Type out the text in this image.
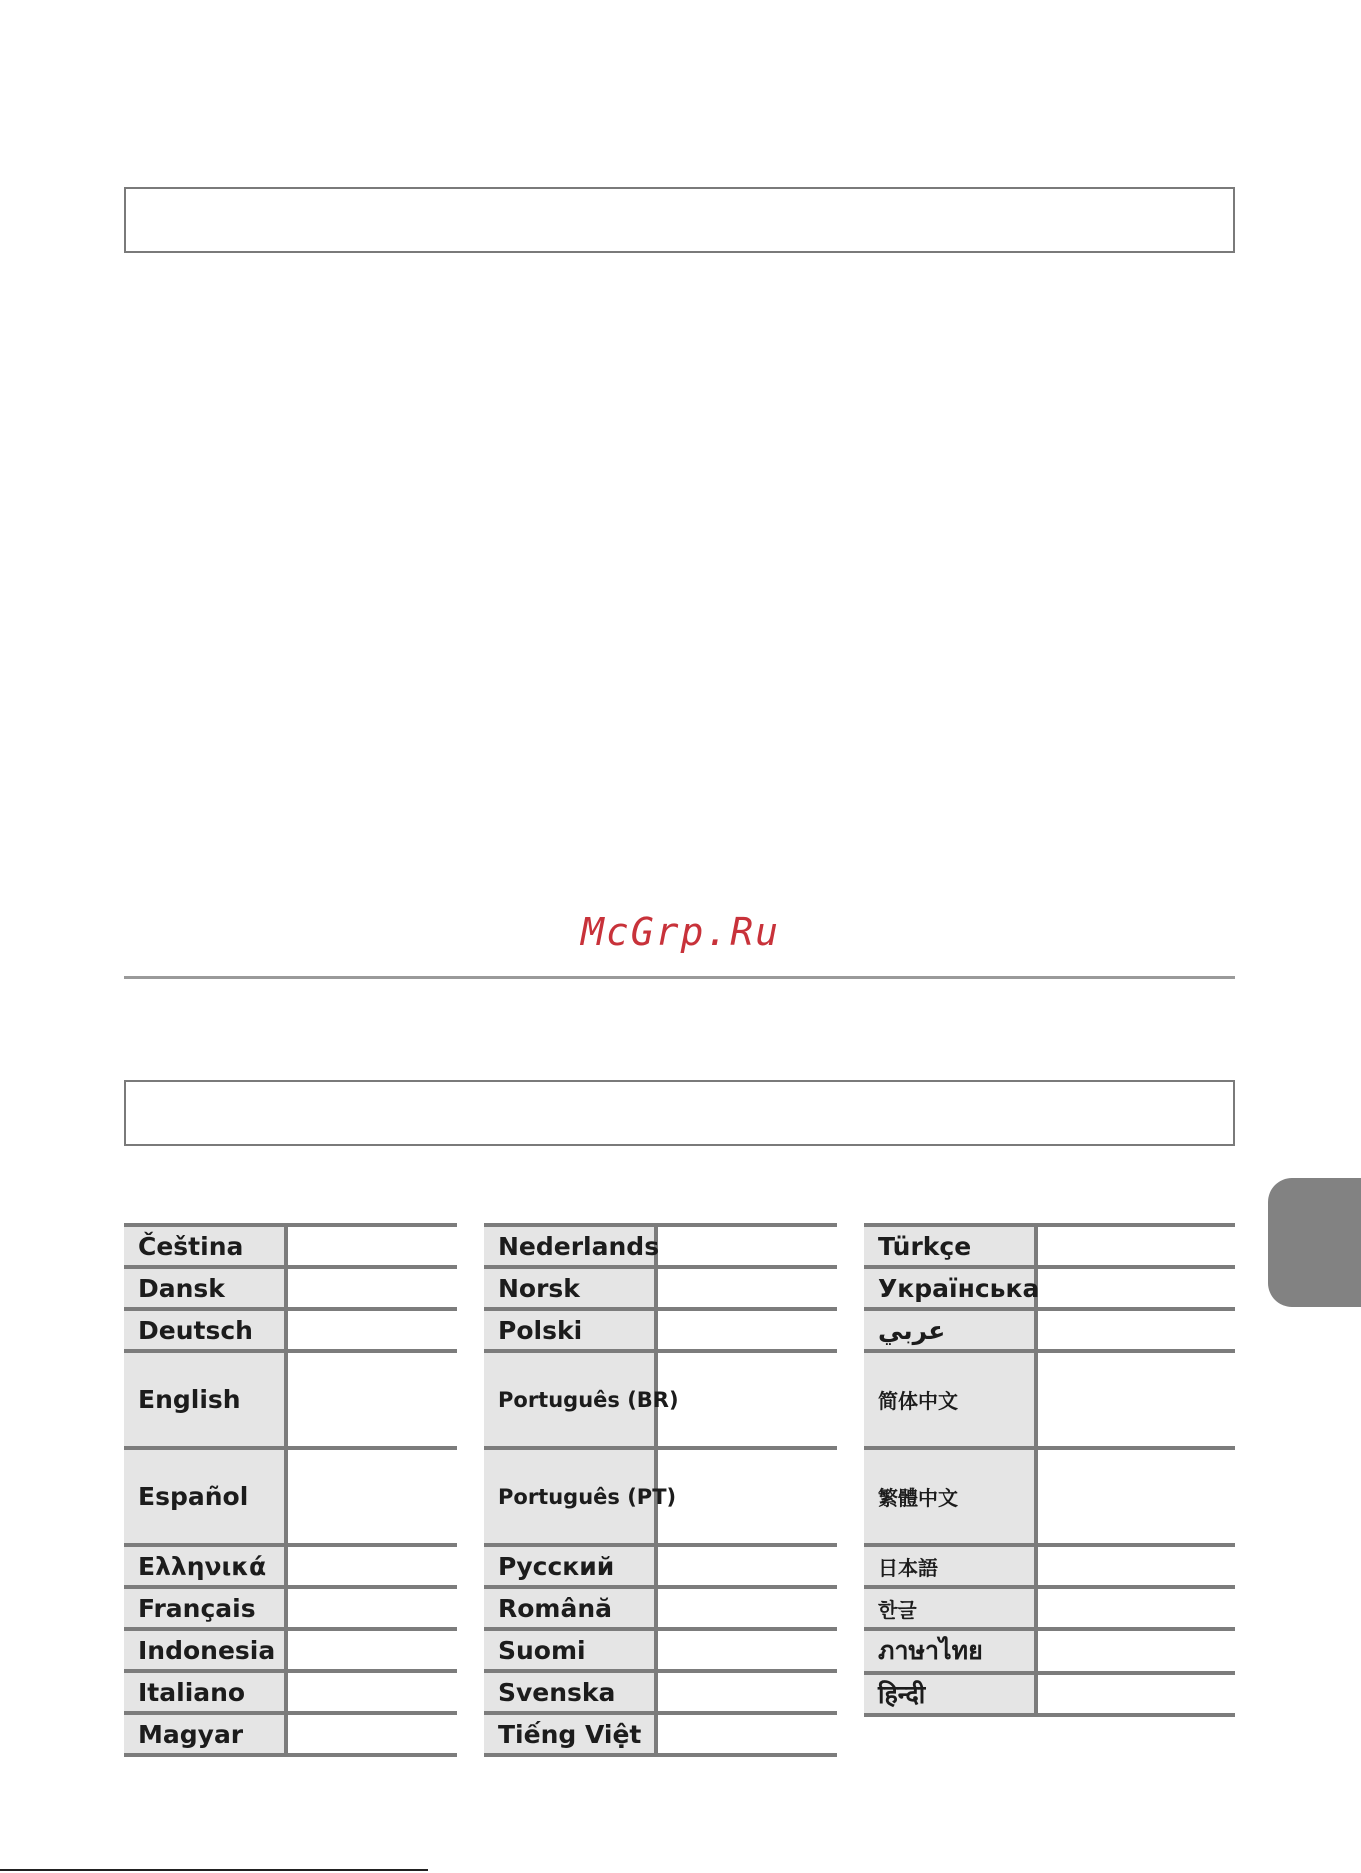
McGrp.Ru
Čeština	
Dansk	
Deutsch	
English	
Español	
Ελληνικά	
Français	
Indonesia	
Italiano	
Magyar	
Nederlands	
Norsk	
Polski	
Português (BR)	
Português (PT)	
Русский	
Română	
Suomi	
Svenska	
Tiếng Việt	
Türkçe	
Українська	
عربي	
简体中文	
繁體中文	
日本語	
한글	
ภาษาไทย	
हिन्दी	
